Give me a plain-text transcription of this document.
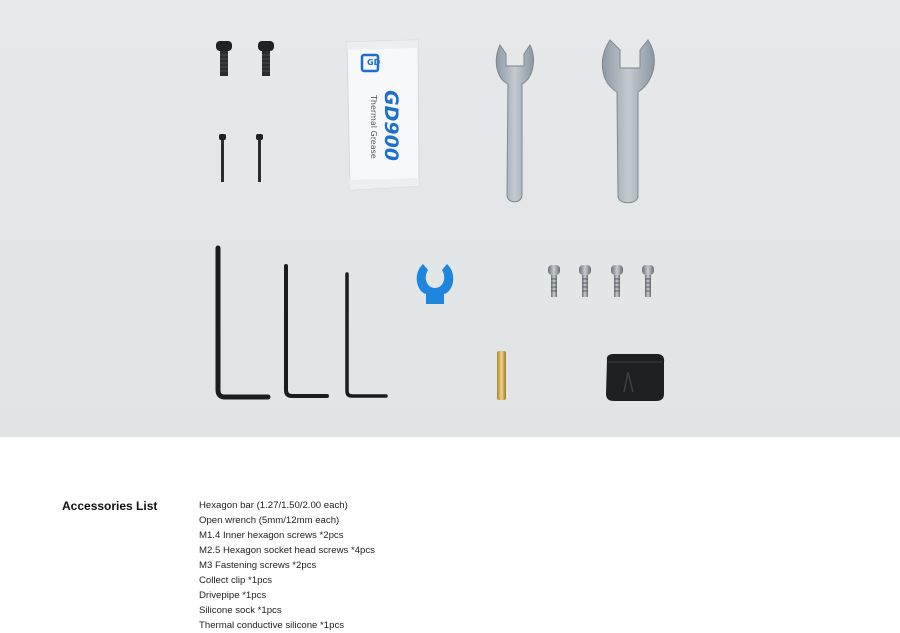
GD900
Thermal Grease
GD
Accessories List	Hexagon bar (1.27/1.50/2.00 each)
Open wrench (5mm/12mm each)
M1.4 Inner hexagon screws *2pcs
M2.5 Hexagon socket head screws *4pcs
M3 Fastening screws *2pcs
Collect clip *1pcs
Drivepipe *1pcs
Silicone sock *1pcs
Thermal conductive silicone *1pcs
